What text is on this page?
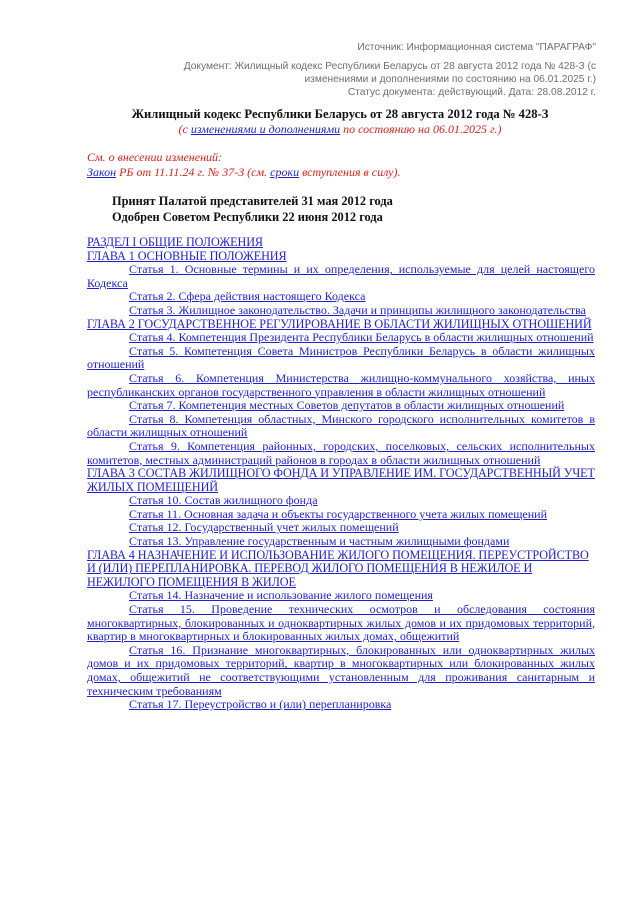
Источник: Информационная система "ПАРАГРАФ"
Документ: Жилищный кодекс Республики Беларусь от 28 августа 2012 года № 428-З (с изменениями и дополнениями по состоянию на 06.01.2025 г.)
Статус документа: действующий. Дата: 28.08.2012 г.
Жилищный кодекс Республики Беларусь от 28 августа 2012 года № 428-З
(с изменениями и дополнениями по состоянию на 06.01.2025 г.)
См. о внесении изменений:
Закон РБ от 11.11.24 г. № 37-З (см. сроки вступления в силу).
Принят Палатой представителей 31 мая 2012 года
Одобрен Советом Республики 22 июня 2012 года
РАЗДЕЛ I ОБЩИЕ ПОЛОЖЕНИЯ
ГЛАВА 1 ОСНОВНЫЕ ПОЛОЖЕНИЯ
Статья 1. Основные термины и их определения, используемые для целей настоящего Кодекса
Статья 2. Сфера действия настоящего Кодекса
Статья 3. Жилищное законодательство. Задачи и принципы жилищного законодательства
ГЛАВА 2 ГОСУДАРСТВЕННОЕ РЕГУЛИРОВАНИЕ В ОБЛАСТИ ЖИЛИЩНЫХ ОТНОШЕНИЙ
Статья 4. Компетенция Президента Республики Беларусь в области жилищных отношений
Статья 5. Компетенция Совета Министров Республики Беларусь в области жилищных отношений
Статья 6. Компетенция Министерства жилищно-коммунального хозяйства, иных республиканских органов государственного управления в области жилищных отношений
Статья 7. Компетенция местных Советов депутатов в области жилищных отношений
Статья 8. Компетенция областных, Минского городского исполнительных комитетов в области жилищных отношений
Статья 9. Компетенция районных, городских, поселковых, сельских исполнительных комитетов, местных администраций районов в городах в области жилищных отношений
ГЛАВА 3 СОСТАВ ЖИЛИЩНОГО ФОНДА И УПРАВЛЕНИЕ ИМ. ГОСУДАРСТВЕННЫЙ УЧЕТ ЖИЛЫХ ПОМЕЩЕНИЙ
Статья 10. Состав жилищного фонда
Статья 11. Основная задача и объекты государственного учета жилых помещений
Статья 12. Государственный учет жилых помещений
Статья 13. Управление государственным и частным жилищными фондами
ГЛАВА 4 НАЗНАЧЕНИЕ И ИСПОЛЬЗОВАНИЕ ЖИЛОГО ПОМЕЩЕНИЯ. ПЕРЕУСТРОЙСТВО И (ИЛИ) ПЕРЕПЛАНИРОВКА. ПЕРЕВОД ЖИЛОГО ПОМЕЩЕНИЯ В НЕЖИЛОЕ И НЕЖИЛОГО ПОМЕЩЕНИЯ В ЖИЛОЕ
Статья 14. Назначение и использование жилого помещения
Статья 15. Проведение технических осмотров и обследования состояния многоквартирных, блокированных и одноквартирных жилых домов и их придомовых территорий, квартир в многоквартирных и блокированных жилых домах, общежитий
Статья 16. Признание многоквартирных, блокированных или одноквартирных жилых домов и их придомовых территорий, квартир в многоквартирных или блокированных жилых домах, общежитий не соответствующими установленным для проживания санитарным и техническим требованиям
Статья 17. Переустройство и (или) перепланировка
